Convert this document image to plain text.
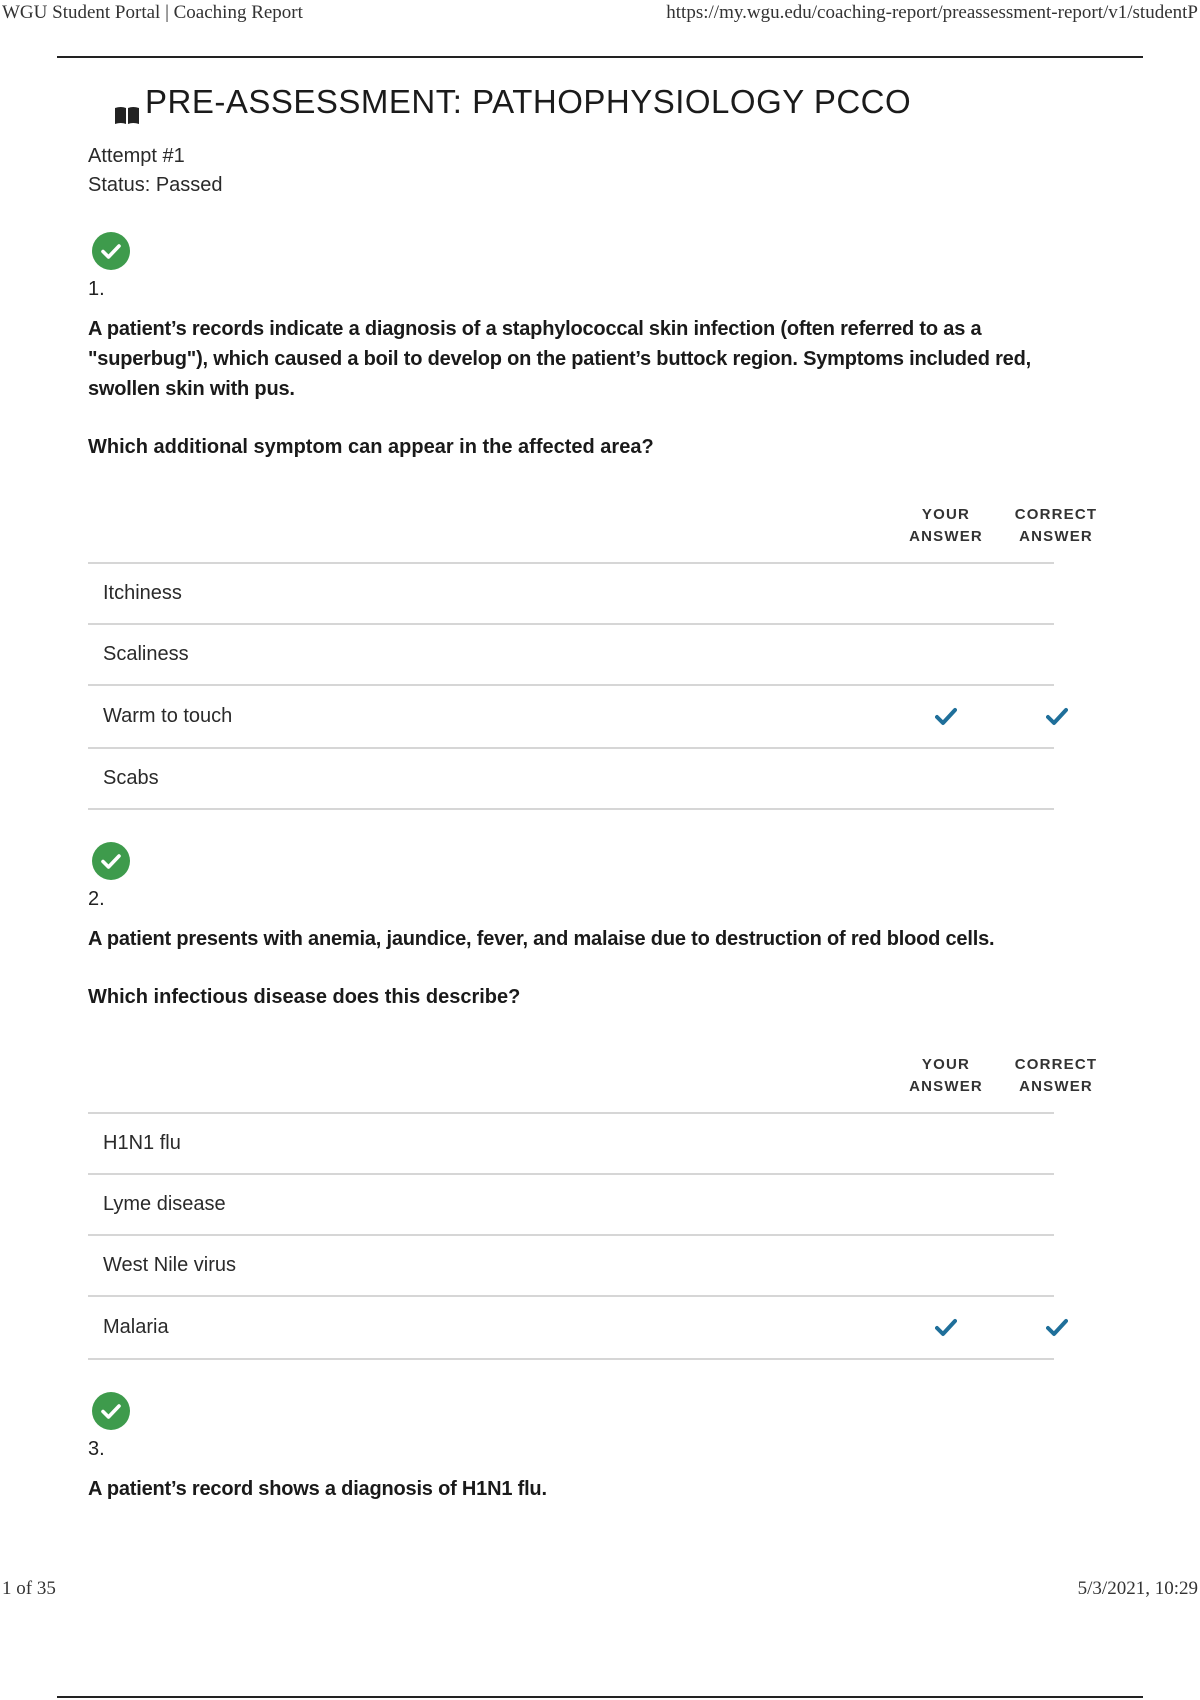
WGU Student Portal | Coaching Report	https://my.wgu.edu/coaching-report/preassessment-report/v1/studentP
PRE-ASSESSMENT: PATHOPHYSIOLOGY PCCO
Attempt #1
Status: Passed
1.
A patient’s records indicate a diagnosis of a staphylococcal skin infection (often referred to as a "superbug"), which caused a boil to develop on the patient’s buttock region. Symptoms included red, swollen skin with pus.
Which additional symptom can appear in the affected area?
YOUR
ANSWER
CORRECT
ANSWER
Itchiness
Scaliness
Warm to touch
Scabs
2.
A patient presents with anemia, jaundice, fever, and malaise due to destruction of red blood cells.
Which infectious disease does this describe?
YOUR
ANSWER
CORRECT
ANSWER
H1N1 flu
Lyme disease
West Nile virus
Malaria
3.
A patient’s record shows a diagnosis of H1N1 flu.
1 of 35	5/3/2021, 10:29
